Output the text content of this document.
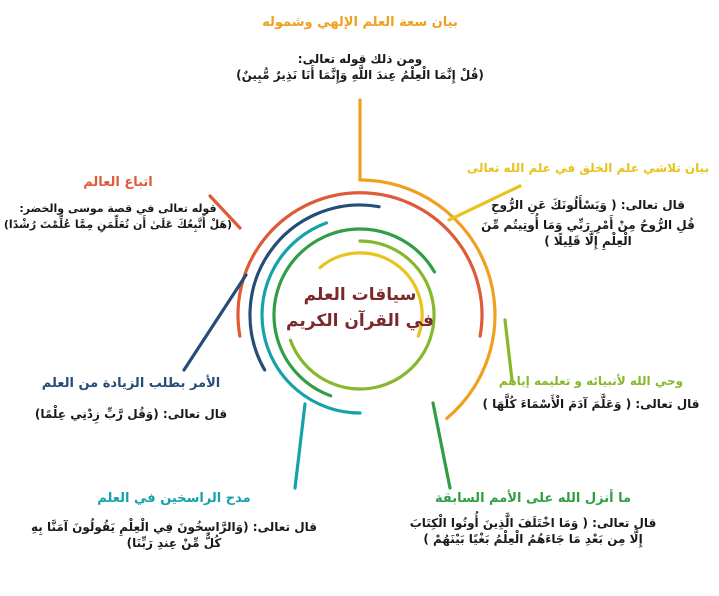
سياقات العلم
في القرآن الكريم
بيان سعة العلم الإلهي وشموله
ومن ذلك قوله تعالى:
(قُلْ إِنَّمَا الْعِلْمُ عِندَ اللَّهِ وَإِنَّمَا أَنَا نَذِيرٌ مُّبِينٌ)
بيان تلاشي علم الخلق في علم الله تعالى
قال تعالى: ( وَيَسْأَلُونَكَ عَنِ الرُّوحِ
قُلِ الرُّوحُ مِنْ أَمْرِ رَبِّي وَمَا أُوتِيتُم مِّنَ
الْعِلْمِ إِلَّا قَلِيلًا )
وحي الله لأنبيائه و تعليمه إياهم
قال تعالى: ( وَعَلَّمَ آدَمَ الْأَسْمَاءَ كُلَّهَا )
ما أنزل الله على الأمم السابقة
قال تعالى: ( وَمَا اخْتَلَفَ الَّذِينَ أُوتُوا الْكِتَابَ
إِلَّا مِن بَعْدِ مَا جَاءَهُمُ الْعِلْمُ بَغْيًا بَيْنَهُمْ )
مدح الراسخين في العلم
قال تعالى: (وَالرَّاسِخُونَ فِي الْعِلْمِ يَقُولُونَ آمَنَّا بِهِ
كُلٌّ مِّنْ عِندِ رَبِّنَا)
الأمر بطلب الزيادة من العلم
قال تعالى: (وَقُل رَّبِّ زِدْنِي عِلْمًا)
اتباع العالم
قوله تعالى في قصة موسى والخضر:
(هَلْ أَتَّبِعُكَ عَلَىٰ أَن تُعَلِّمَنِ مِمَّا عُلِّمْتَ رُشْدًا)
